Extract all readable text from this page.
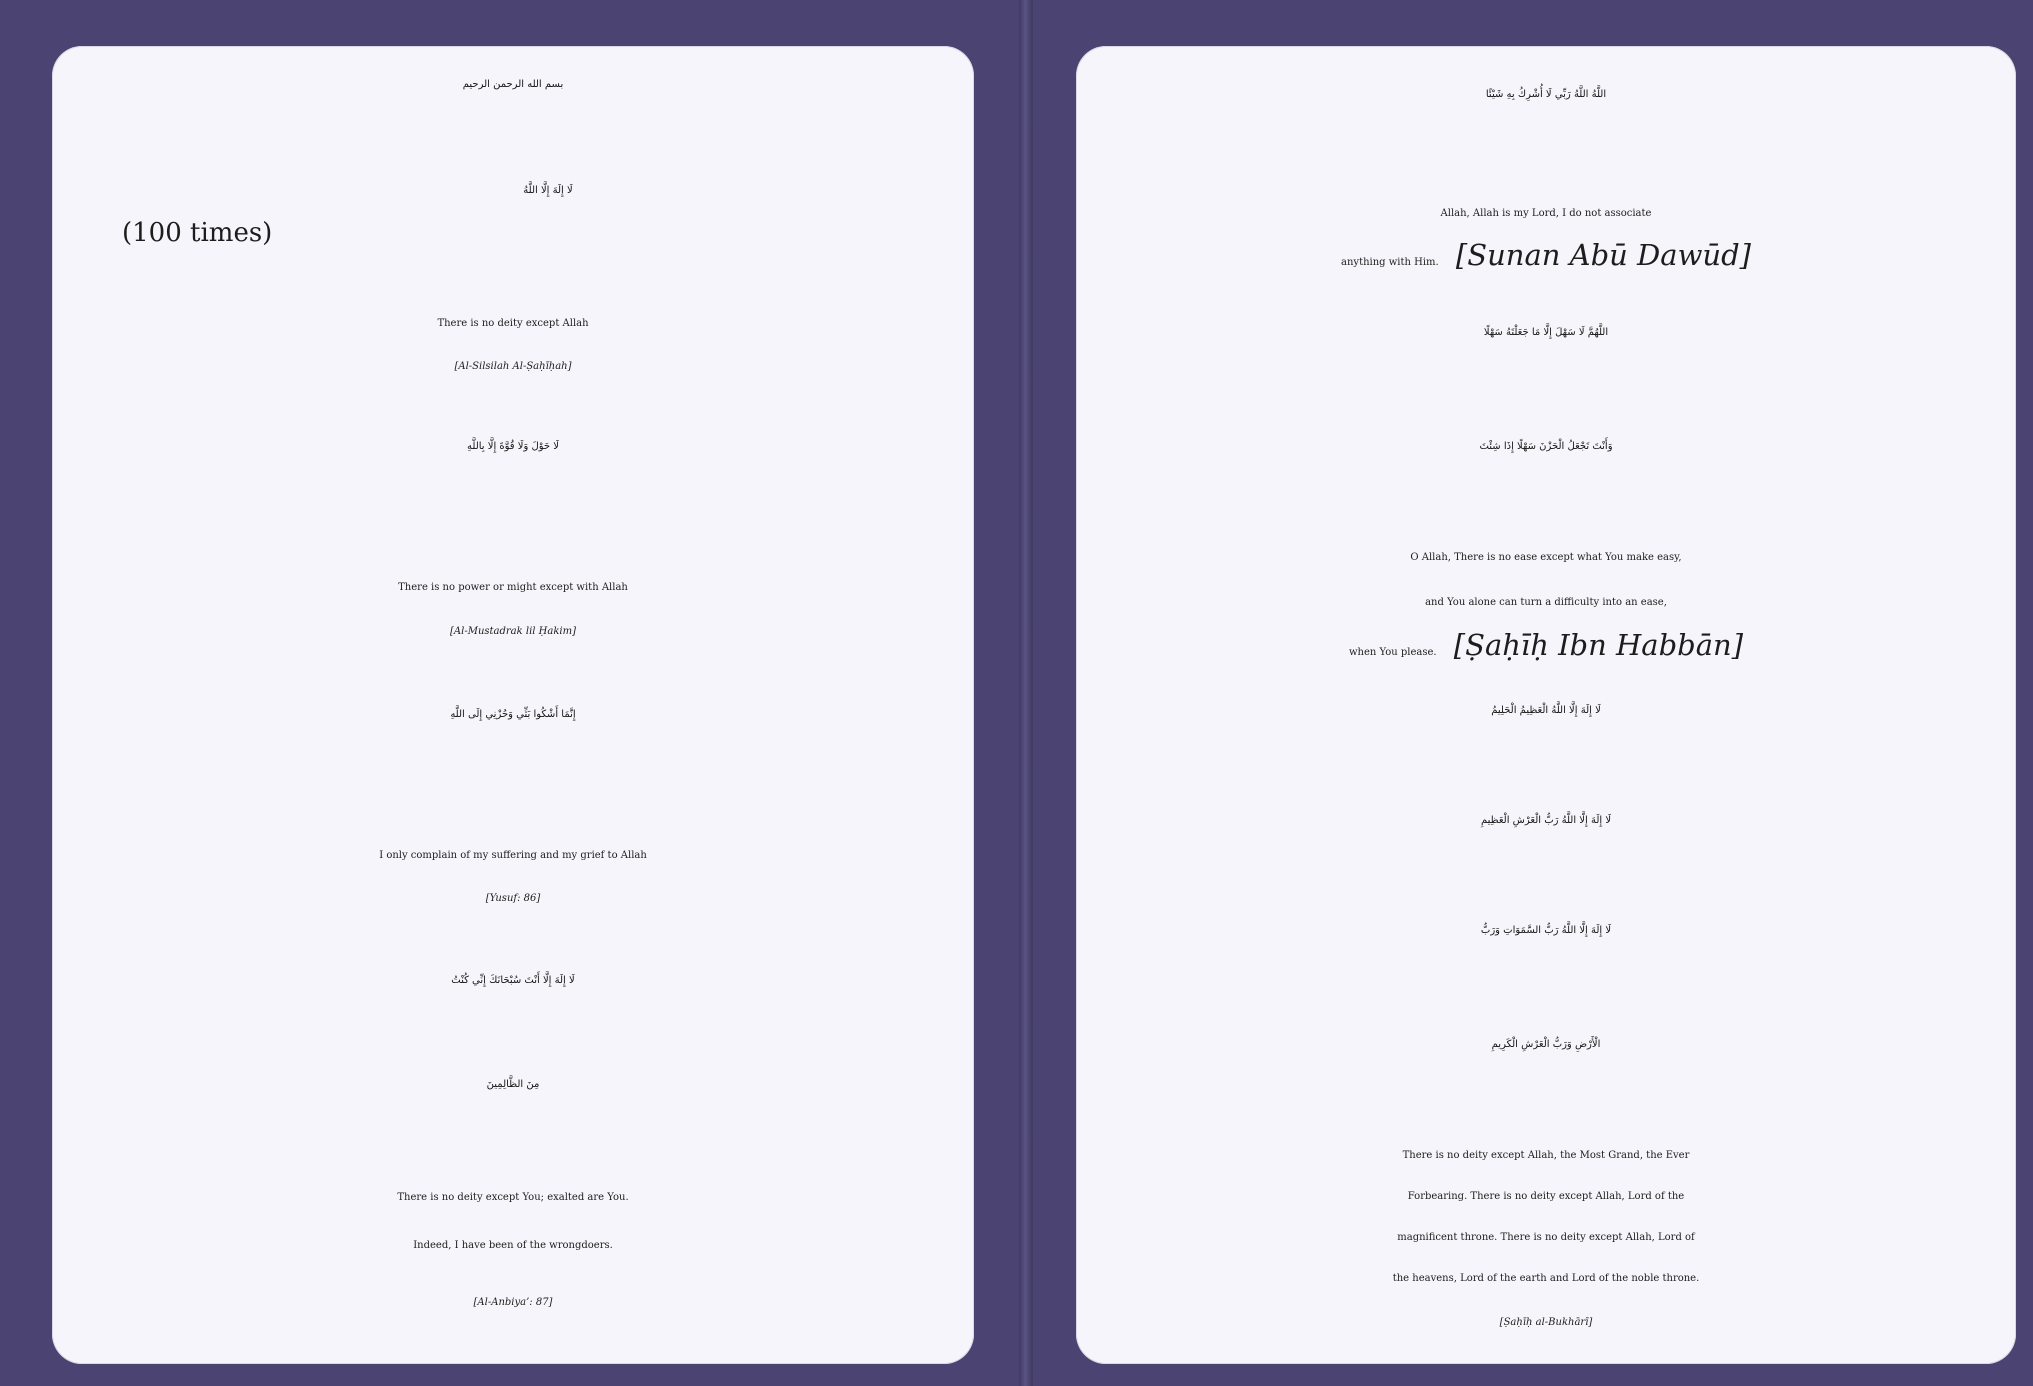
بسم الله الرحمن الرحيم
لَا إِلَهَ إِلَّا اللَّهُ
(100 times)
There is no deity except Allah
[Al-Silsilah Al-Ṣaḥīḥah]
لَا حَوْلَ وَلَا قُوَّةَ إِلَّا بِاللَّهِ
There is no power or might except with Allah
[Al-Mustadrak lil Ḥakim]
إِنَّمَا أَشْكُوا بَثِّي وَحُزْنِي إِلَى اللَّهِ
I only complain of my suffering and my grief to Allah
[Yusuf: 86]
لَا إِلَهَ إِلَّا أَنْتَ سُبْحَانَكَ إِنِّي كُنْتُ
مِنَ الظَّالِمِينَ
There is no deity except You; exalted are You.
Indeed, I have been of the wrongdoers.
[Al-Anbiya’: 87]
اللَّهُ اللَّهُ رَبِّي لَا أُشْرِكُ بِهِ شَيْئًا
Allah, Allah is my Lord, I do not associate
anything with Him. [Sunan Abū Dawūd]
اللَّهُمَّ لَا سَهْلَ إِلَّا مَا جَعَلْتَهُ سَهْلًا
وَأَنْتَ تَجْعَلُ الْحَزْنَ سَهْلًا إِذَا شِئْتَ
O Allah, There is no ease except what You make easy,
and You alone can turn a difficulty into an ease,
when You please. [Ṣaḥīḥ Ibn Habbān]
لَا إِلَهَ إِلَّا اللَّهُ الْعَظِيمُ الْحَلِيمُ
لَا إِلَهَ إِلَّا اللَّهُ رَبُّ الْعَرْشِ الْعَظِيمِ
لَا إِلَهَ إِلَّا اللَّهُ رَبُّ السَّمَوَاتِ وَرَبُّ
الْأَرْضِ وَرَبُّ الْعَرْشِ الْكَرِيمِ
There is no deity except Allah, the Most Grand, the Ever
Forbearing. There is no deity except Allah, Lord of the
magnificent throne. There is no deity except Allah, Lord of
the heavens, Lord of the earth and Lord of the noble throne.
[Ṣaḥīḥ al-Bukhārī]
